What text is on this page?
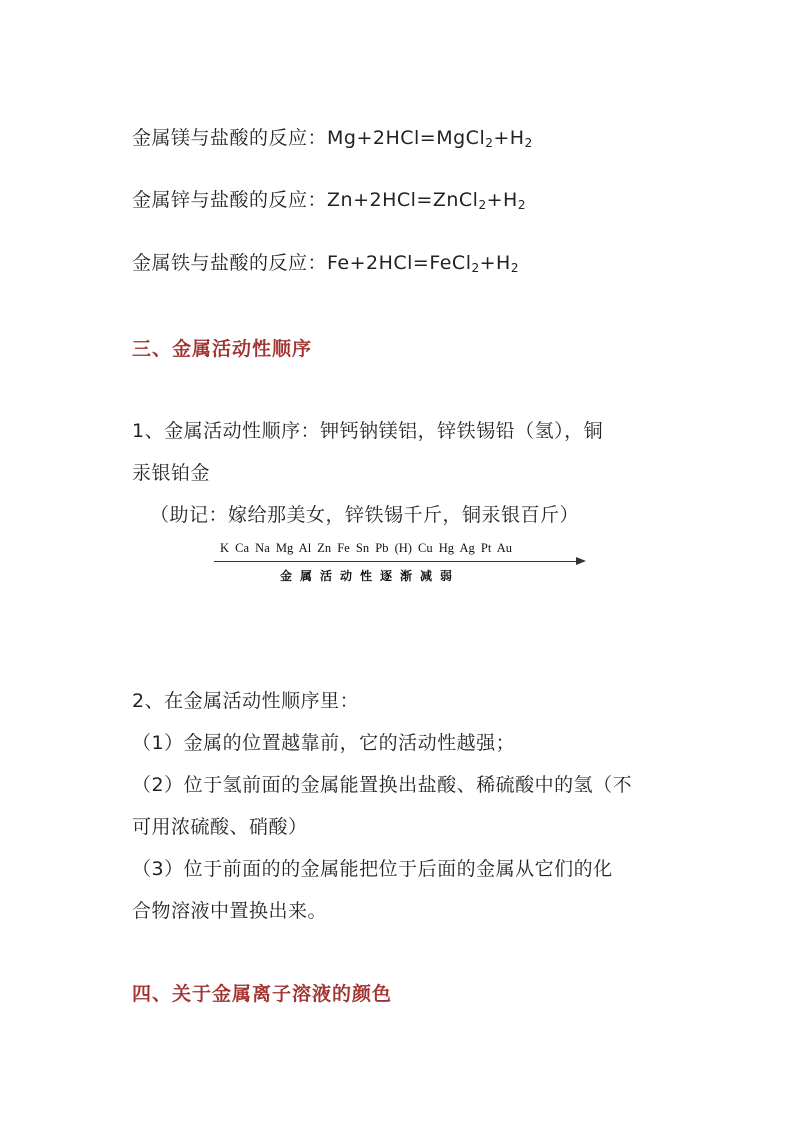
金属镁与盐酸的反应：$Mg+2HCl=MgCl_2+H_2$
金属锌与盐酸的反应：$Zn+2HCl=ZnCl_2+H_2$
金属铁与盐酸的反应：$Fe+2HCl=FeCl_2+H_2$
三、金属活动性顺序
1、金属活动性顺序：钾钙钠镁铝，锌铁锡铅（氢），铜
汞银铂金
（助记：嫁给那美女，锌铁锡千斤，铜汞银百斤）
K Ca Na Mg Al Zn Fe Sn Pb (H) Cu Hg Ag Pt Au
金属活动性逐渐减弱
2、在金属活动性顺序里：
（1）金属的位置越靠前，它的活动性越强；
（2）位于氢前面的金属能置换出盐酸、稀硫酸中的氢（不
可用浓硫酸、硝酸）
（3）位于前面的的金属能把位于后面的金属从它们的化
合物溶液中置换出来。
四、关于金属离子溶液的颜色
